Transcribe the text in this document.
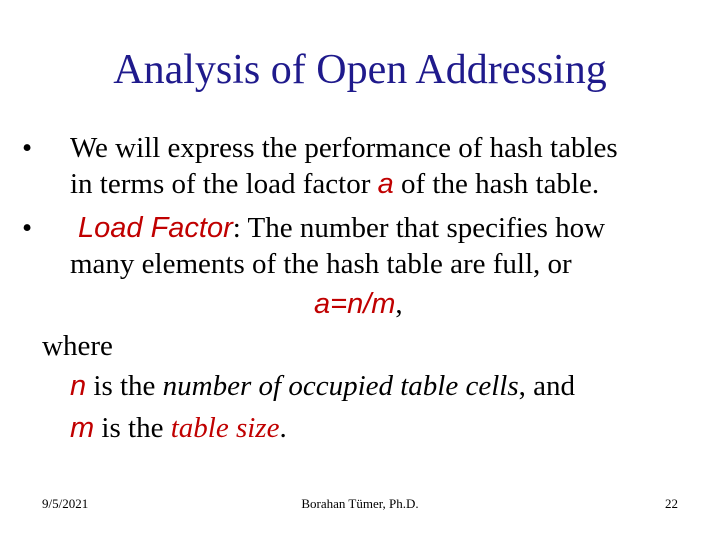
Analysis of Open Addressing
• We will express the performance of hash tables
in terms of the load factor a of the hash table.
• Load Factor: The number that specifies how
many elements of the hash table are full, or
a=n/m,
where
n is the number of occupied table cells, and
m is the table size.
9/5/2021	Borahan Tümer, Ph.D.	22
